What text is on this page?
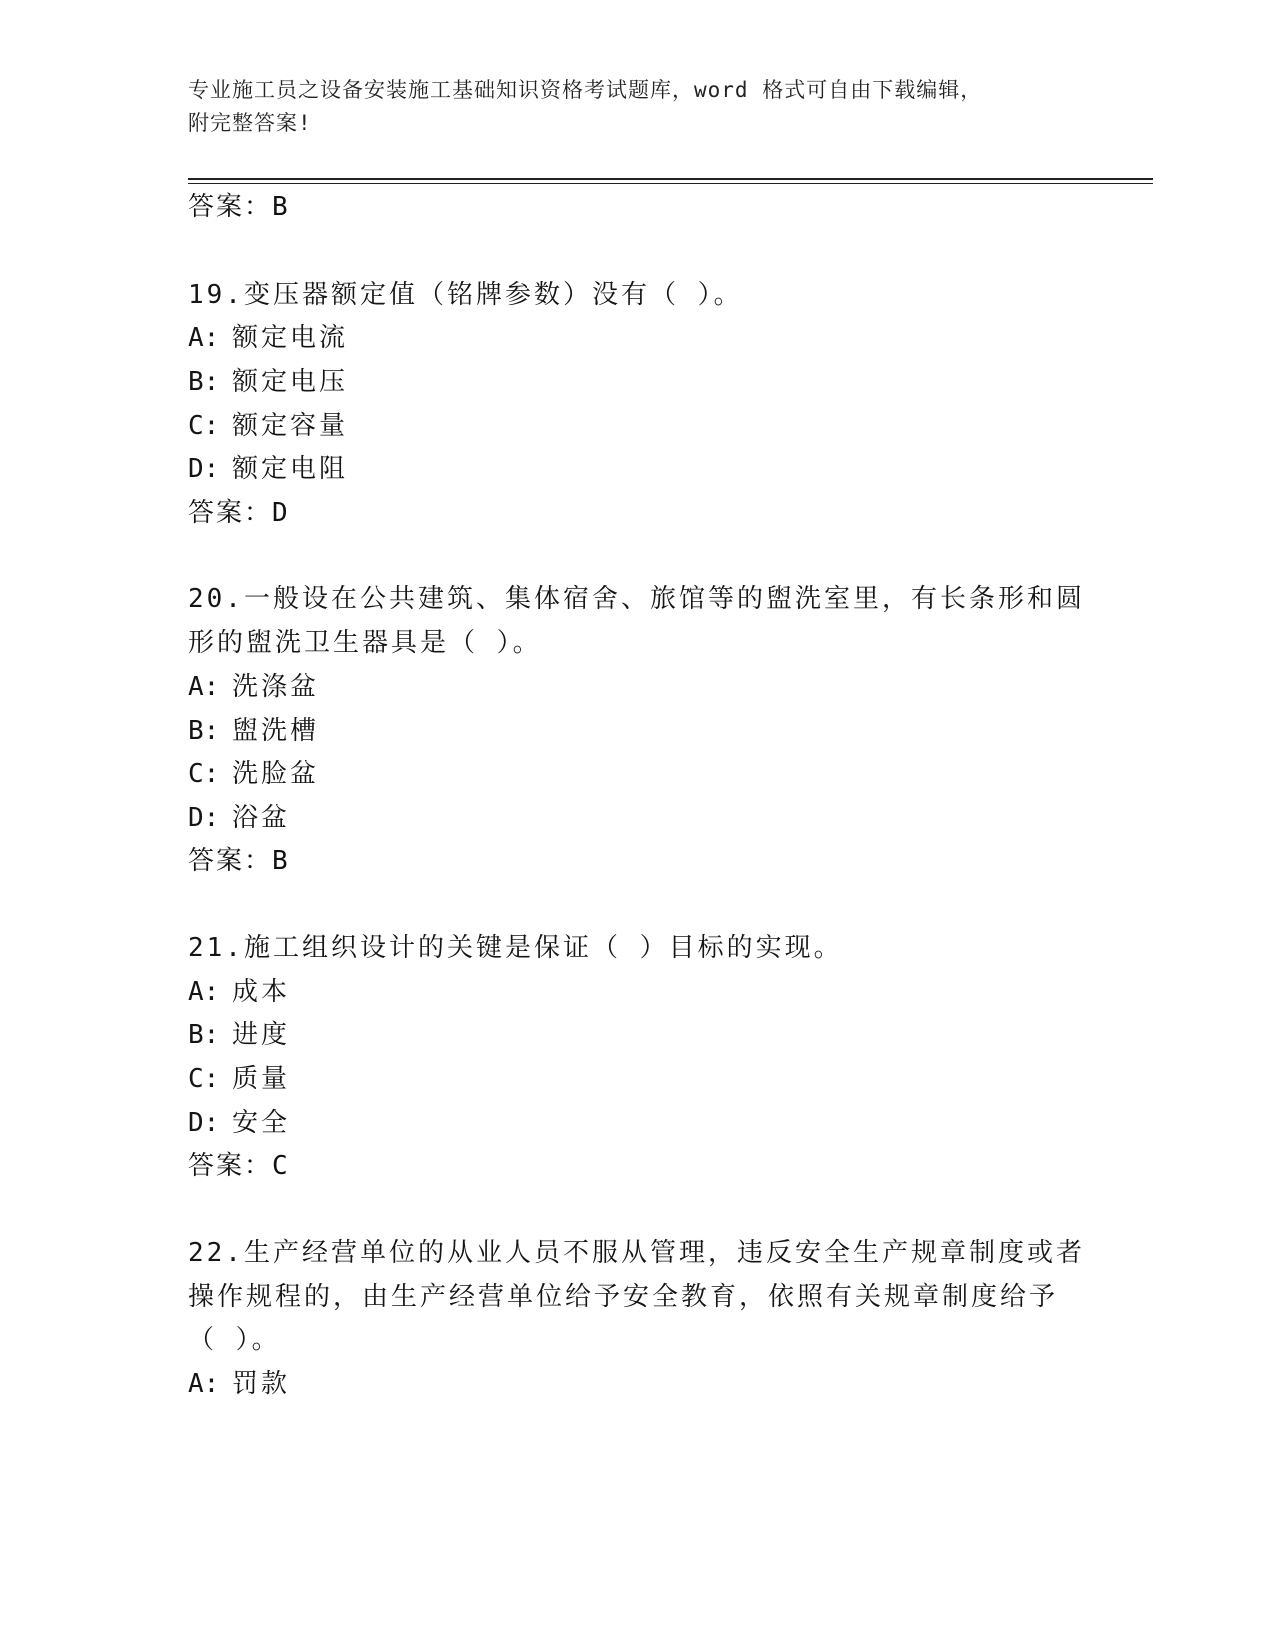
专业施工员之设备安装施工基础知识资格考试题库，word 格式可自由下载编辑，
附完整答案!
答案：B
19.变压器额定值（铭牌参数）没有（ ）。
A: 额定电流
B: 额定电压
C: 额定容量
D: 额定电阻
答案：D
20.一般设在公共建筑、集体宿舍、旅馆等的盥洗室里，有长条形和圆
形的盥洗卫生器具是（ ）。
A: 洗涤盆
B: 盥洗槽
C: 洗脸盆
D: 浴盆
答案：B
21.施工组织设计的关键是保证（ ）目标的实现。
A: 成本
B: 进度
C: 质量
D: 安全
答案：C
22.生产经营单位的从业人员不服从管理，违反安全生产规章制度或者
操作规程的，由生产经营单位给予安全教育，依照有关规章制度给予
（ ）。
A: 罚款
